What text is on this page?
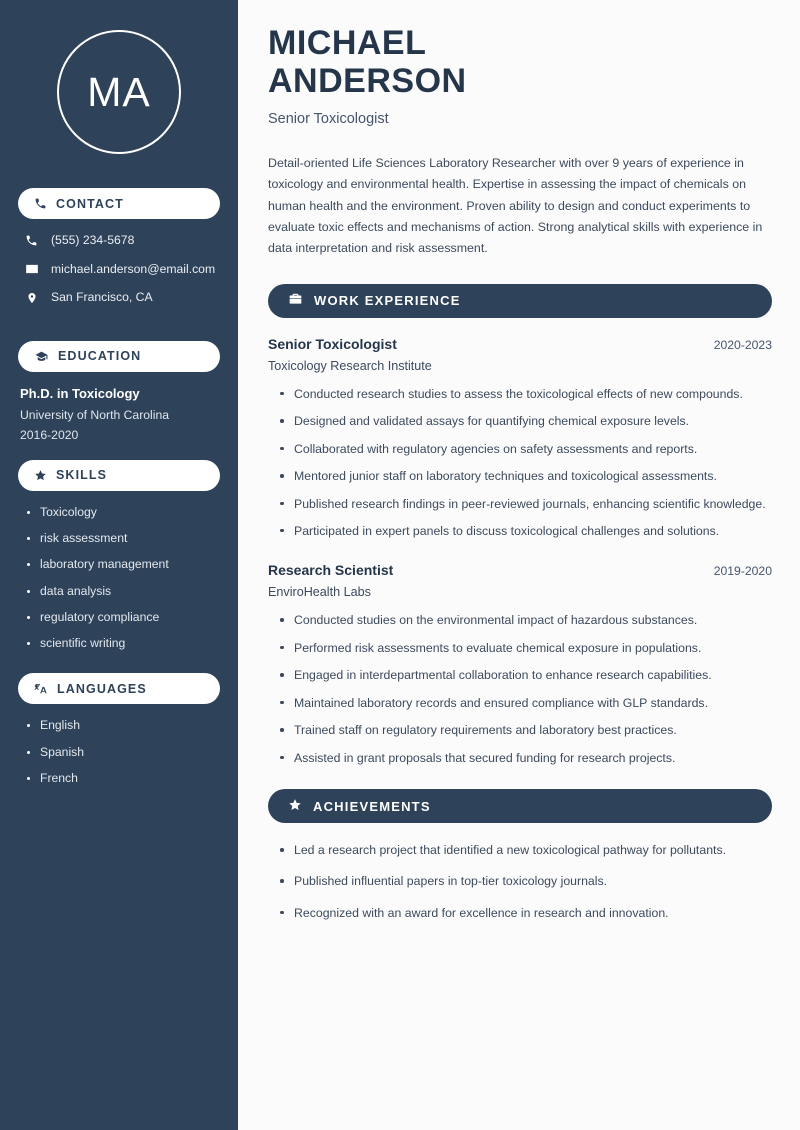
MA
CONTACT
(555) 234-5678
michael.anderson@email.com
San Francisco, CA
EDUCATION
Ph.D. in Toxicology
University of North Carolina
2016-2020
SKILLS
Toxicology
risk assessment
laboratory management
data analysis
regulatory compliance
scientific writing
LANGUAGES
English
Spanish
French
MICHAEL
ANDERSON
Senior Toxicologist

Detail-oriented Life Sciences Laboratory Researcher with over 9 years of experience in toxicology and environmental health. Expertise in assessing the impact of chemicals on human health and the environment. Proven ability to design and conduct experiments to evaluate toxic effects and mechanisms of action. Strong analytical skills with experience in data interpretation and risk assessment.

WORK EXPERIENCE
Senior Toxicologist	2020-2023
Toxicology Research Institute
Conducted research studies to assess the toxicological effects of new compounds.
Designed and validated assays for quantifying chemical exposure levels.
Collaborated with regulatory agencies on safety assessments and reports.
Mentored junior staff on laboratory techniques and toxicological assessments.
Published research findings in peer-reviewed journals, enhancing scientific knowledge.
Participated in expert panels to discuss toxicological challenges and solutions.
Research Scientist	2019-2020
EnviroHealth Labs
Conducted studies on the environmental impact of hazardous substances.
Performed risk assessments to evaluate chemical exposure in populations.
Engaged in interdepartmental collaboration to enhance research capabilities.
Maintained laboratory records and ensured compliance with GLP standards.
Trained staff on regulatory requirements and laboratory best practices.
Assisted in grant proposals that secured funding for research projects.
ACHIEVEMENTS
Led a research project that identified a new toxicological pathway for pollutants.
Published influential papers in top-tier toxicology journals.
Recognized with an award for excellence in research and innovation.
